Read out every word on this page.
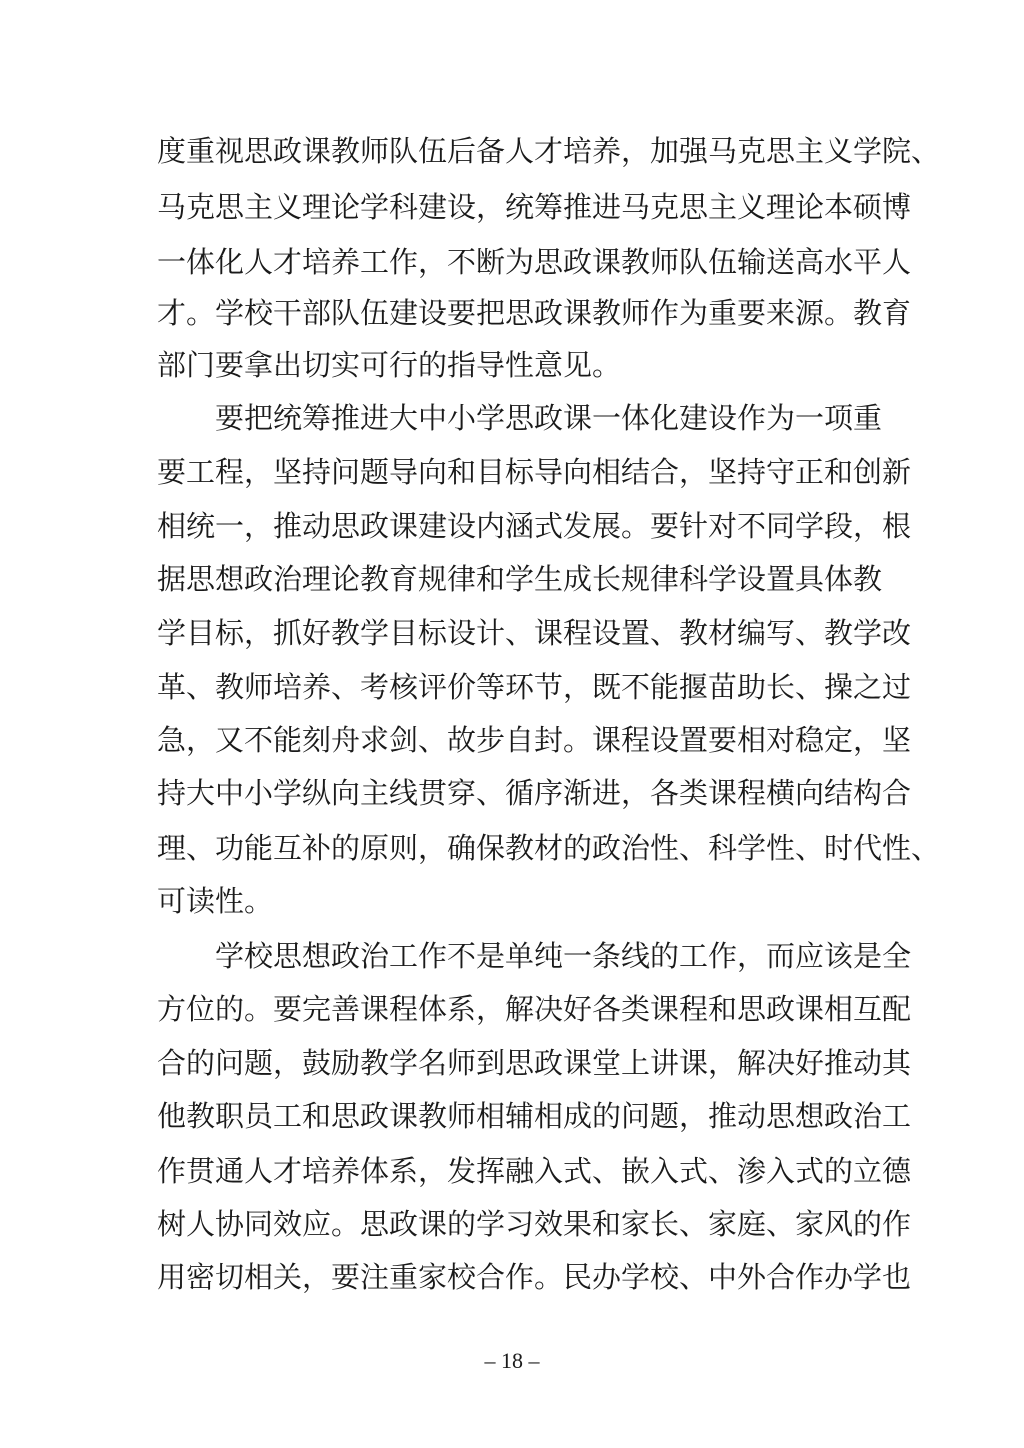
度重视思政课教师队伍后备人才培养，加强马克思主义学院、
马克思主义理论学科建设，统筹推进马克思主义理论本硕博
一体化人才培养工作，不断为思政课教师队伍输送高水平人
才。学校干部队伍建设要把思政课教师作为重要来源。教育
部门要拿出切实可行的指导性意见。
　　要把统筹推进大中小学思政课一体化建设作为一项重
要工程，坚持问题导向和目标导向相结合，坚持守正和创新
相统一，推动思政课建设内涵式发展。要针对不同学段，根
据思想政治理论教育规律和学生成长规律科学设置具体教
学目标，抓好教学目标设计、课程设置、教材编写、教学改
革、教师培养、考核评价等环节，既不能揠苗助长、操之过
急，又不能刻舟求剑、故步自封。课程设置要相对稳定，坚
持大中小学纵向主线贯穿、循序渐进，各类课程横向结构合
理、功能互补的原则，确保教材的政治性、科学性、时代性、
可读性。
　　学校思想政治工作不是单纯一条线的工作，而应该是全
方位的。要完善课程体系，解决好各类课程和思政课相互配
合的问题，鼓励教学名师到思政课堂上讲课，解决好推动其
他教职员工和思政课教师相辅相成的问题，推动思想政治工
作贯通人才培养体系，发挥融入式、嵌入式、渗入式的立德
树人协同效应。思政课的学习效果和家长、家庭、家风的作
用密切相关，要注重家校合作。民办学校、中外合作办学也
– 18 –
